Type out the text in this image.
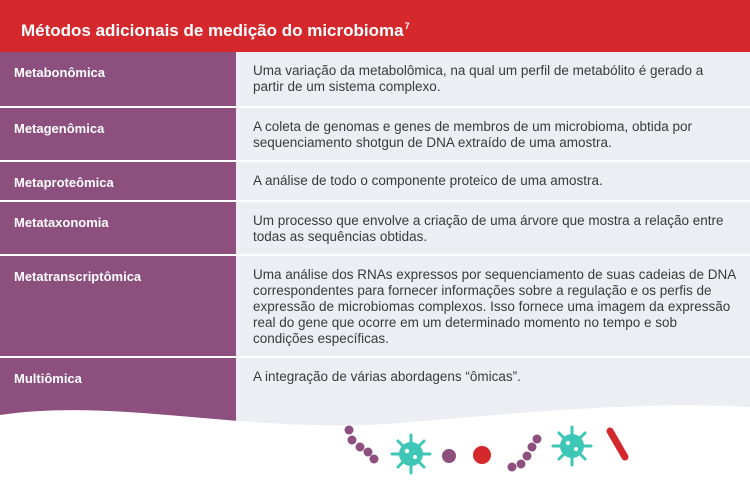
Métodos adicionais de medição do microbioma$^7$
Metabonômica	Uma variação da metabolômica, na qual um perfil de metabólito é gerado a partir de um sistema complexo.
Metagenômica	A coleta de genomas e genes de membros de um microbioma, obtida por sequenciamento shotgun de DNA extraído de uma amostra.
Metaproteômica	A análise de todo o componente proteico de uma amostra.
Metataxonomia	Um processo que envolve a criação de uma árvore que mostra a relação entre todas as sequências obtidas.
Metatranscriptômica	Uma análise dos RNAs expressos por sequenciamento de suas cadeias de DNA correspondentes para fornecer informações sobre a regulação e os perfis de expressão de microbiomas complexos. Isso fornece uma imagem da expressão real do gene que ocorre em um determinado momento no tempo e sob condições específicas.
Multiômica	A integração de várias abordagens “ômicas”.
